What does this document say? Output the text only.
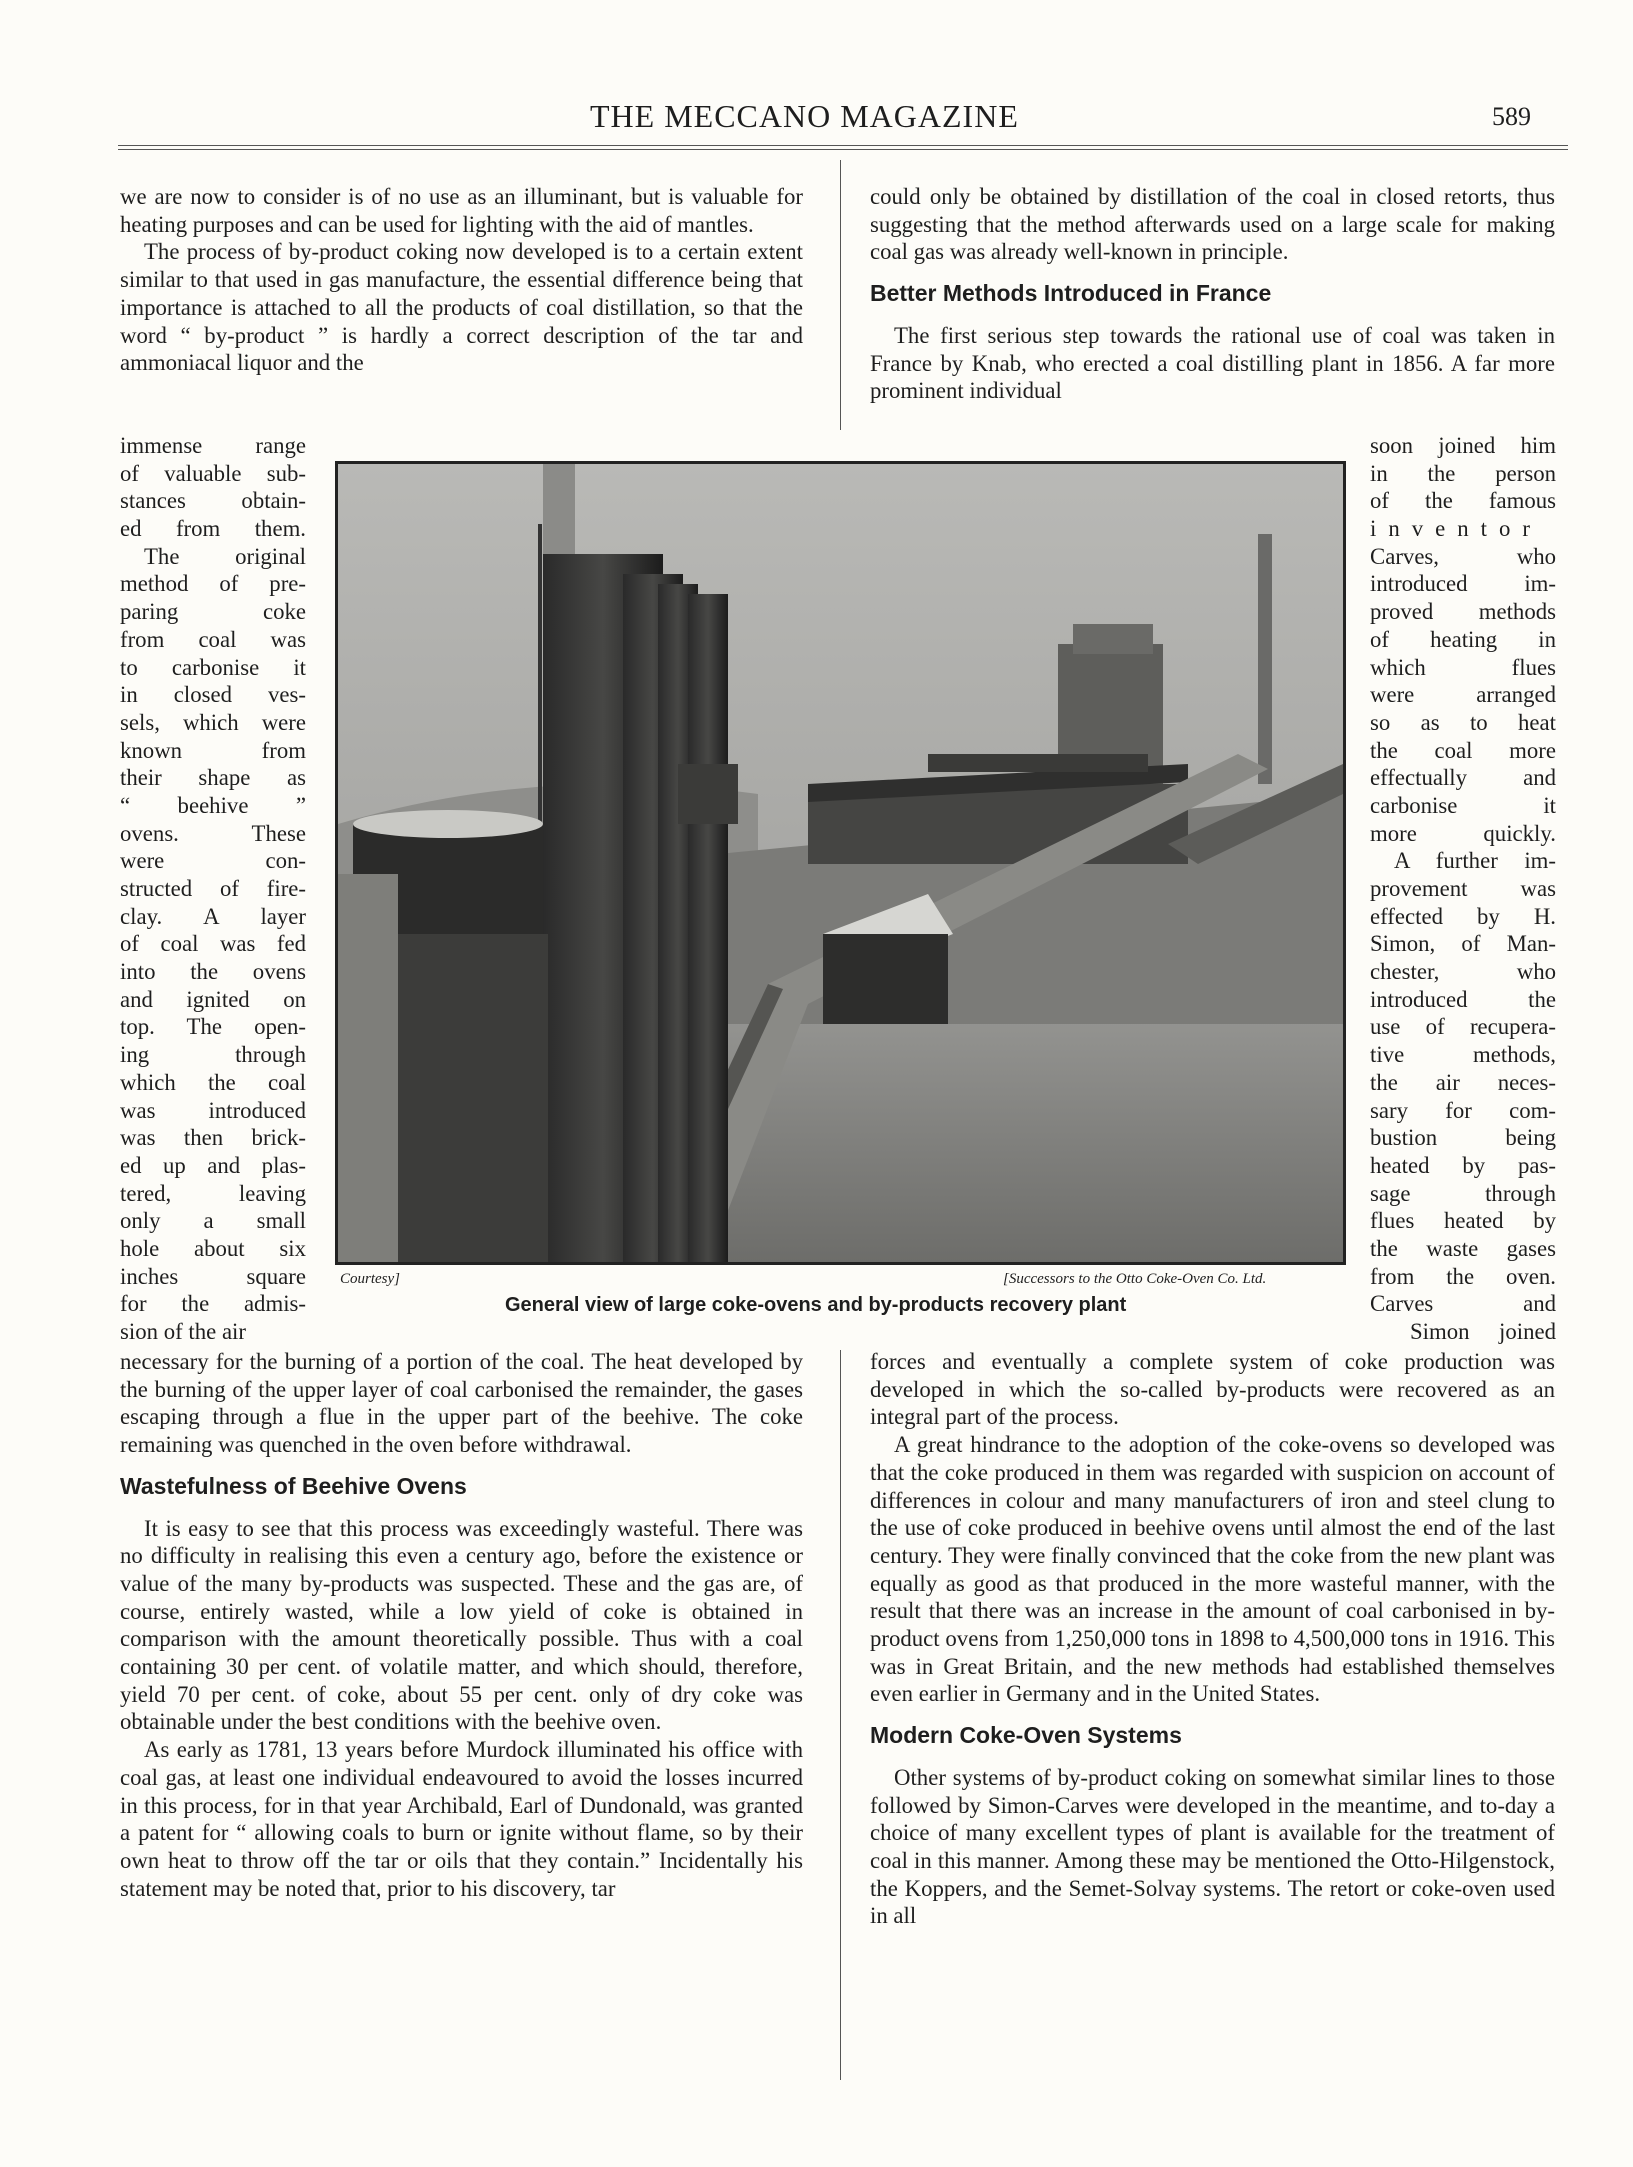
THE MECCANO MAGAZINE	589

we are now to consider is of no use as an illuminant, but is valuable for heating purposes and can be used for lighting with the aid of mantles.

The process of by-product coking now developed is to a certain extent similar to that used in gas manufacture, the essential difference being that importance is attached to all the products of coal distillation, so that the word “ by-product ” is hardly a correct description of the tar and ammoniacal liquor and the

immense range
of valuable sub-
stances obtain-
ed from them.
The original
method of pre-
paring coke
from coal was
to carbonise it
in closed ves-
sels, which were
known from
their shape as
“ beehive ”
ovens. These
were con-
structed of fire-
clay. A layer
of coal was fed
into the ovens
and ignited on
top. The open-
ing through
which the coal
was introduced
was then brick-
ed up and plas-
tered, leaving
only a small
hole about six
inches square
for the admis-
sion of the air

necessary for the burning of a portion of the coal. The heat developed by the burning of the upper layer of coal carbonised the remainder, the gases escaping through a flue in the upper part of the beehive. The coke remaining was quenched in the oven before withdrawal.

Wastefulness of Beehive Ovens

It is easy to see that this process was exceedingly wasteful. There was no difficulty in realising this even a century ago, before the existence or value of the many by-products was suspected. These and the gas are, of course, entirely wasted, while a low yield of coke is obtained in comparison with the amount theoretically possible. Thus with a coal containing 30 per cent. of volatile matter, and which should, therefore, yield 70 per cent. of coke, about 55 per cent. only of dry coke was obtainable under the best conditions with the beehive oven.

As early as 1781, 13 years before Murdock illuminated his office with coal gas, at least one individual endeavoured to avoid the losses incurred in this process, for in that year Archibald, Earl of Dundonald, was granted a patent for “ allowing coals to burn or ignite without flame, so by their own heat to throw off the tar or oils that they contain.” Incidentally his statement may be noted that, prior to his discovery, tar

could only be obtained by distillation of the coal in closed retorts, thus suggesting that the method afterwards used on a large scale for making coal gas was already well-known in principle.

Better Methods Introduced in France

The first serious step towards the rational use of coal was taken in France by Knab, who erected a coal distilling plant in 1856. A far more prominent individual

soon joined him
in the person
of the famous
inventor
Carves, who
introduced im-
proved methods
of heating in
which flues
were arranged
so as to heat
the coal more
effectually and
carbonise it
more quickly.
A further im-
provement was
effected by H.
Simon, of Man-
chester, who
introduced the
use of recupera-
tive methods,
the air neces-
sary for com-
bustion being
heated by pas-
sage through
flues heated by
the waste gases
from the oven.
Carves and
Simon joined

forces and eventually a complete system of coke production was developed in which the so-called by-products were recovered as an integral part of the process.

A great hindrance to the adoption of the coke-ovens so developed was that the coke produced in them was regarded with suspicion on account of differences in colour and many manufacturers of iron and steel clung to the use of coke produced in beehive ovens until almost the end of the last century. They were finally convinced that the coke from the new plant was equally as good as that produced in the more wasteful manner, with the result that there was an increase in the amount of coal carbonised in by-product ovens from 1,250,000 tons in 1898 to 4,500,000 tons in 1916. This was in Great Britain, and the new methods had established themselves even earlier in Germany and in the United States.

Modern Coke-Oven Systems

Other systems of by-product coking on somewhat similar lines to those followed by Simon-Carves were developed in the meantime, and to-day a choice of many excellent types of plant is available for the treatment of coal in this manner. Among these may be mentioned the Otto-Hilgenstock, the Koppers, and the Semet-Solvay systems. The retort or coke-oven used in all

Courtesy]	[Successors to the Otto Coke-Oven Co. Ltd.
General view of large coke-ovens and by-products recovery plant
